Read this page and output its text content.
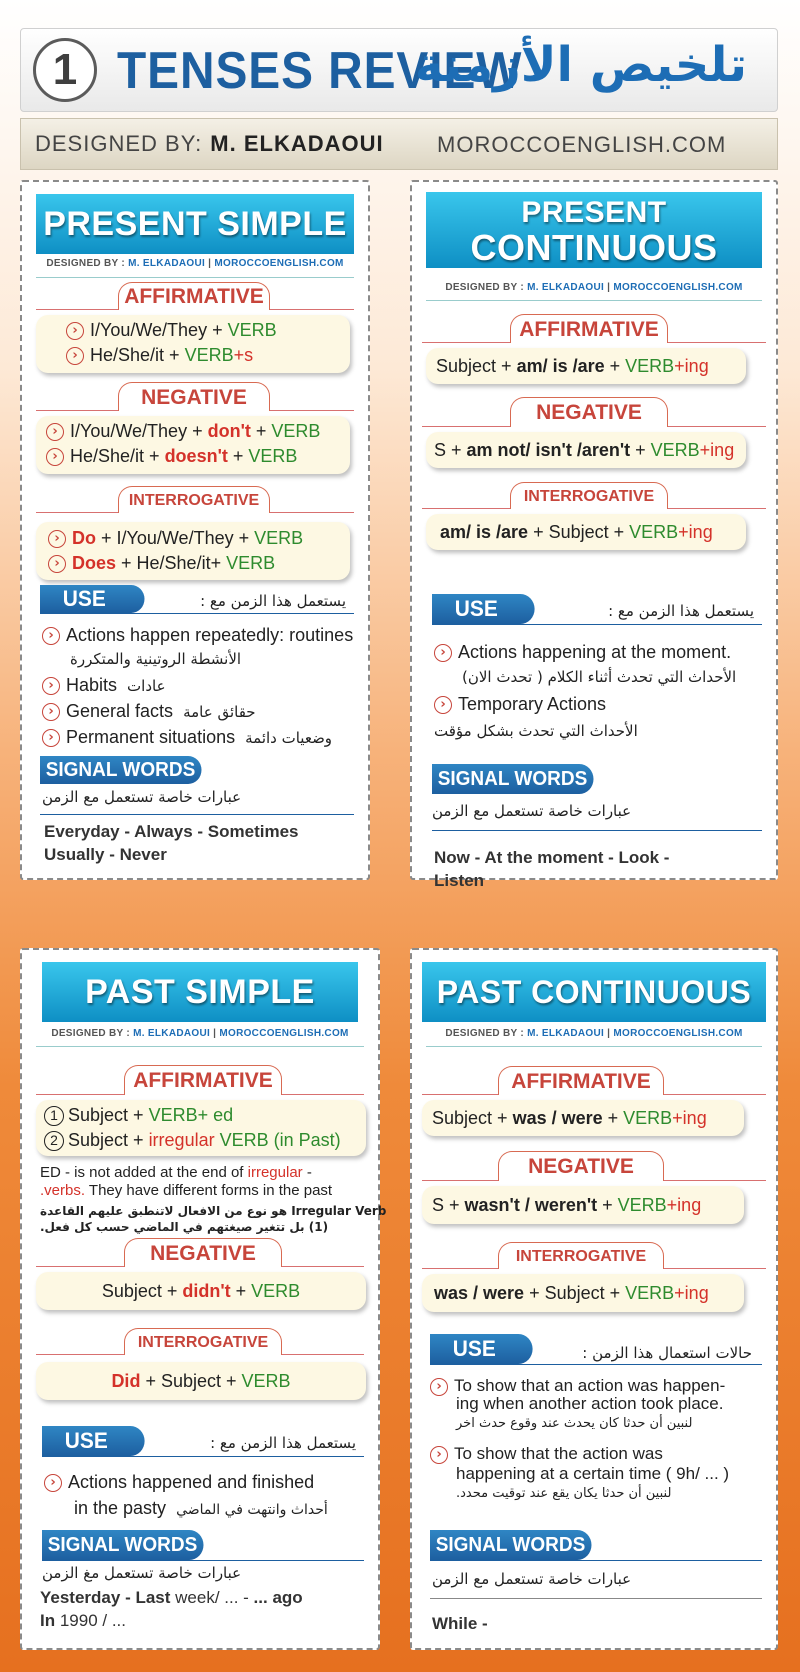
1 TENSES REVIEW
تلخيص الأزمنة
DESIGNED BY: M. ELKADAOUI MOROCCOENGLISH.COM
PRESENT SIMPLE
DESIGNED BY : M. ELKADAOUI | MOROCCOENGLISH.COM
AFFIRMATIVE
› I/You/We/They + VERB
› He/She/it + VERB+s
NEGATIVE
› I/You/We/They + don't + VERB
› He/She/it + doesn't + VERB
INTERROGATIVE
› Do + I/You/We/They + VERB
› Does + He/She/it+ VERB
USE	يستعمل هذا الزمن مع :
› Actions happen repeatedly: routines
الأنشطة الروتينية والمتكررة
› Habits عادات
› General facts حقائق عامة
› Permanent situations وضعيات دائمة
SIGNAL WORDS
عبارات خاصة تستعمل مع الزمن
Everyday - Always - Sometimes
Usually - Never
PRESENT
CONTINUOUS
DESIGNED BY : M. ELKADAOUI | MOROCCOENGLISH.COM
AFFIRMATIVE
Subject + am/ is /are + VERB+ing
NEGATIVE
S + am not/ isn't /aren't + VERB+ing
INTERROGATIVE
am/ is /are + Subject + VERB+ing
USE	يستعمل هذا الزمن مع :
› Actions happening at the moment.
الأحداث التي تحدث أثناء الكلام ( تحدث الان)
› Temporary Actions
الأحداث التي تحدث بشكل مؤقت
SIGNAL WORDS
عبارات خاصة تستعمل مع الزمن
Now - At the moment - Look -
Listen
PAST SIMPLE
DESIGNED BY : M. ELKADAOUI | MOROCCOENGLISH.COM
AFFIRMATIVE
1 Subject + VERB+ ed
2 Subject + irregular VERB (in Past)
ED - is not added at the end of irregular -
.verbs. They have different forms in the past
Irregular Verb هو نوع من الافعال لاتنطبق عليهم القاعدة
(1) بل تتغير صيغتهم في الماضي حسب كل فعل.
NEGATIVE
Subject + didn't + VERB
INTERROGATIVE
Did + Subject + VERB
USE	يستعمل هذا الزمن مع :
› Actions happened and finished
in the pasty أحداث وانتهت في الماضي
SIGNAL WORDS
عبارات خاصة تستعمل مغ الزمن
Yesterday - Last week/ ... - ... ago
In 1990 / ...
PAST CONTINUOUS
DESIGNED BY : M. ELKADAOUI | MOROCCOENGLISH.COM
AFFIRMATIVE
Subject + was / were + VERB+ing
NEGATIVE
S + wasn't / weren't + VERB+ing
INTERROGATIVE
was / were + Subject + VERB+ing
USE	حالات استعمال هذا الزمن :
› To show that an action was happen-
ing when another action took place.
لنبين أن حدثا كان يحدث عند وقوع حدث اخر
› To show that the action was
happening at a certain time ( 9h/ ... )
لنبين أن حدثا يكان يقع عند توقيت محدد.
SIGNAL WORDS
عبارات خاصة تستعمل مع الزمن
While -
